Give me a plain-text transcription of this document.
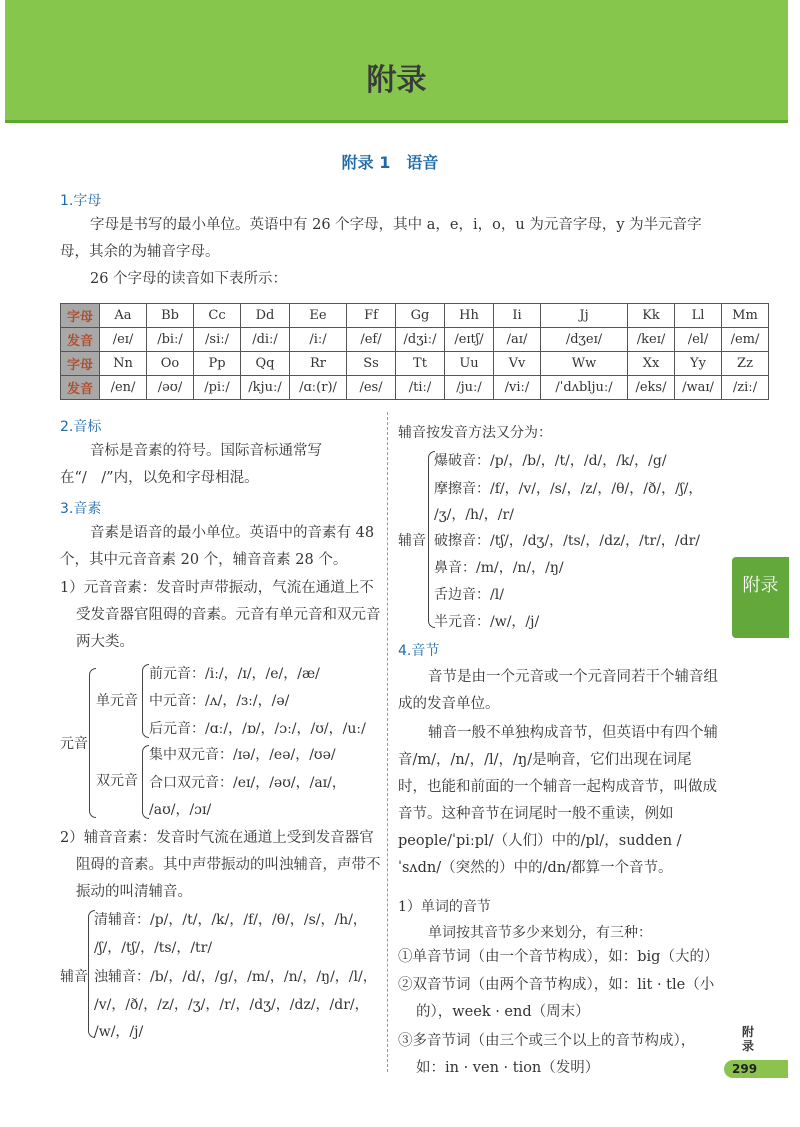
附录
附录 1　语音
1.字母
字母是书写的最小单位。英语中有 26 个字母，其中 a，e，i，o，u 为元音字母，y 为半元音字母，其余的为辅音字母。
26 个字母的读音如下表所示：
字母	Aa	Bb	Cc	Dd	Ee	Ff	Gg	Hh	Ii	Jj	Kk	Ll	Mm
发音	/eɪ/	/biː/	/siː/	/diː/	/iː/	/ef/	/dʒiː/	/eɪtʃ/	/aɪ/	/dʒeɪ/	/keɪ/	/el/	/em/
字母	Nn	Oo	Pp	Qq	Rr	Ss	Tt	Uu	Vv	Ww	Xx	Yy	Zz
发音	/en/	/əʊ/	/piː/	/kjuː/	/ɑː(r)/	/es/	/tiː/	/juː/	/viː/	/ˈdʌbljuː/	/eks/	/waɪ/	/ziː/
2.音标
音标是音素的符号。国际音标通常写在“/　/”内，以免和字母相混。
3.音素
音素是语音的最小单位。英语中的音素有 48 个，其中元音音素 20 个，辅音音素 28 个。
1）元音音素：发音时声带振动，气流在通道上不受发音器官阻碍的音素。元音有单元音和双元音两大类。
元音
单元音
前元音：/iː/，/ɪ/，/e/，/æ/
中元音：/ʌ/，/ɜː/，/ə/
后元音：/ɑː/，/ɒ/，/ɔː/，/ʊ/，/uː/
双元音
集中双元音：/ɪə/，/eə/，/ʊə/
合口双元音：/eɪ/，/əʊ/，/aɪ/，
/aʊ/，/ɔɪ/
2）辅音音素：发音时气流在通道上受到发音器官阻碍的音素。其中声带振动的叫浊辅音，声带不振动的叫清辅音。
辅音
清辅音：/p/，/t/，/k/，/f/，/θ/，/s/，/h/，
/ʃ/，/tʃ/，/ts/，/tr/
浊辅音：/b/，/d/，/g/，/m/，/n/，/ŋ/，/l/，
/v/，/ð/，/z/，/ʒ/，/r/，/dʒ/，/dz/，/dr/，
/w/，/j/
辅音按发音方法又分为：
辅音
爆破音：/p/，/b/，/t/，/d/，/k/，/g/
摩擦音：/f/，/v/，/s/，/z/，/θ/，/ð/，/ʃ/，
/ʒ/，/h/，/r/
破擦音：/tʃ/，/dʒ/，/ts/，/dz/，/tr/，/dr/
鼻音：/m/，/n/，/ŋ/
舌边音：/l/
半元音：/w/，/j/
4.音节
音节是由一个元音或一个元音同若干个辅音组成的发音单位。
辅音一般不单独构成音节，但英语中有四个辅音/m/，/n/，/l/，/ŋ/是响音，它们出现在词尾时，也能和前面的一个辅音一起构成音节，叫做成音节。这种音节在词尾时一般不重读，例如 people/ˈpiːpl/（人们）中的/pl/，sudden /ˈsʌdn/（突然的）中的/dn/都算一个音节。
1）单词的音节
单词按其音节多少来划分，有三种：
①单音节词（由一个音节构成），如：big（大的）
②双音节词（由两个音节构成），如：lit · tle（小的），week · end（周末）
③多音节词（由三个或三个以上的音节构成），如：in · ven · tion（发明）
附录
附录
299
